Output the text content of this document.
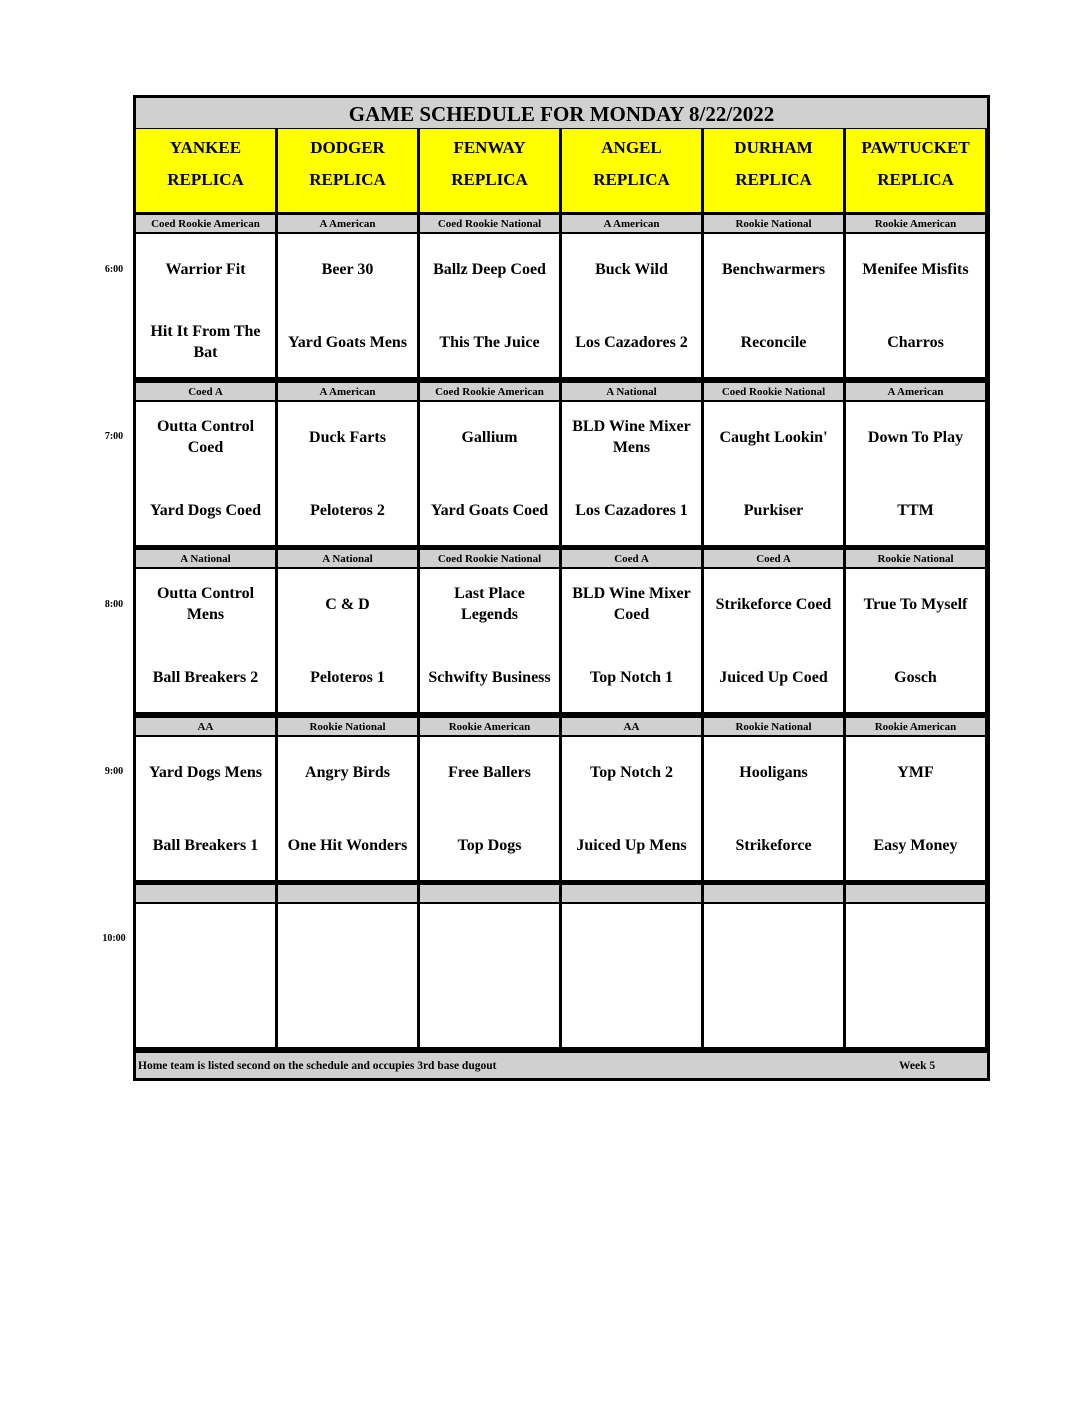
6:00
7:00
8:00
9:00
10:00
GAME SCHEDULE FOR MONDAY 8/22/2022
YANKEE
REPLICA
Coed Rookie American
Warrior Fit
Hit It From The
Bat
Coed A
Outta Control
Coed
Yard Dogs Coed
A National
Outta Control
Mens
Ball Breakers 2
AA
Yard Dogs Mens
Ball Breakers 1
DODGER
REPLICA
A American
Beer 30
Yard Goats Mens
A American
Duck Farts
Peloteros 2
A National
C & D
Peloteros 1
Rookie National
Angry Birds
One Hit Wonders
FENWAY
REPLICA
Coed Rookie National
Ballz Deep Coed
This The Juice
Coed Rookie American
Gallium
Yard Goats Coed
Coed Rookie National
Last Place
Legends
Schwifty Business
Rookie American
Free Ballers
Top Dogs
ANGEL
REPLICA
A American
Buck Wild
Los Cazadores 2
A National
BLD Wine Mixer
Mens
Los Cazadores 1
Coed A
BLD Wine Mixer
Coed
Top Notch 1
AA
Top Notch 2
Juiced Up Mens
DURHAM
REPLICA
Rookie National
Benchwarmers
Reconcile
Coed Rookie National
Caught Lookin'
Purkiser
Coed A
Strikeforce Coed
Juiced Up Coed
Rookie National
Hooligans
Strikeforce
PAWTUCKET
REPLICA
Rookie American
Menifee Misfits
Charros
A American
Down To Play
TTM
Rookie National
True To Myself
Gosch
Rookie American
YMF
Easy Money
Home team is listed second on the schedule and occupies 3rd base dugout	Week 5
